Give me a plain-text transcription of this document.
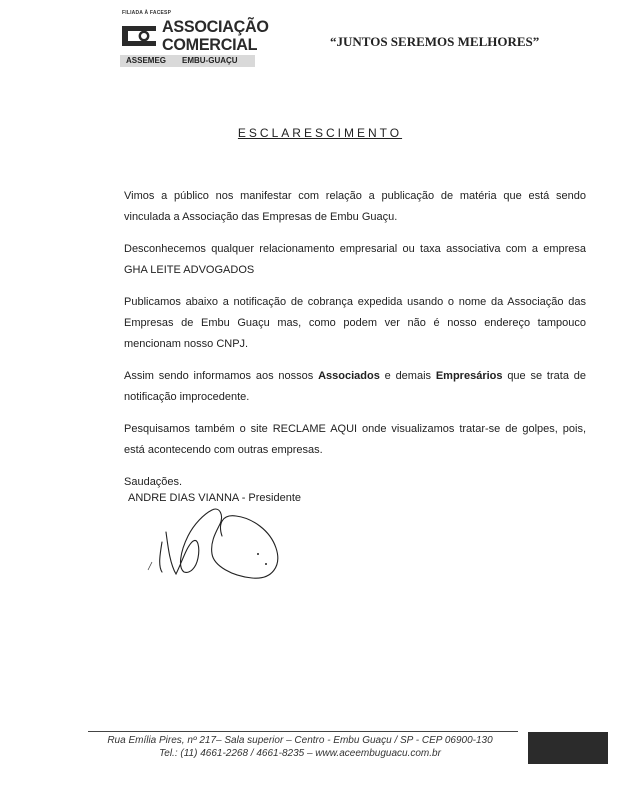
FILIADA À FACESP
ASSOCIAÇÃO
COMERCIAL
ASSEMEG EMBU-GUAÇU
“JUNTOS SEREMOS MELHORES”
ESCLARESCIMENTO

Vimos a público nos manifestar com relação a publicação de matéria que está sendo vinculada a Associação das Empresas de Embu Guaçu.

Desconhecemos qualquer relacionamento empresarial ou taxa associativa com a empresa GHA LEITE ADVOGADOS

Publicamos abaixo a notificação de cobrança expedida usando o nome da Associação das Empresas de Embu Guaçu mas, como podem ver não é nosso endereço tampouco mencionam nosso CNPJ.

Assim sendo informamos aos nossos Associados e demais Empresários que se trata de notificação improcedente.

Pesquisamos também o site RECLAME AQUI onde visualizamos tratar-se de golpes, pois, está acontecendo com outras empresas.

Saudações.

ANDRE DIAS VIANNA - Presidente
Rua Emília Pires, nº 217– Sala superior – Centro - Embu Guaçu / SP - CEP 06900-130
Tel.: (11) 4661-2268 / 4661-8235 – www.aceembuguacu.com.br
